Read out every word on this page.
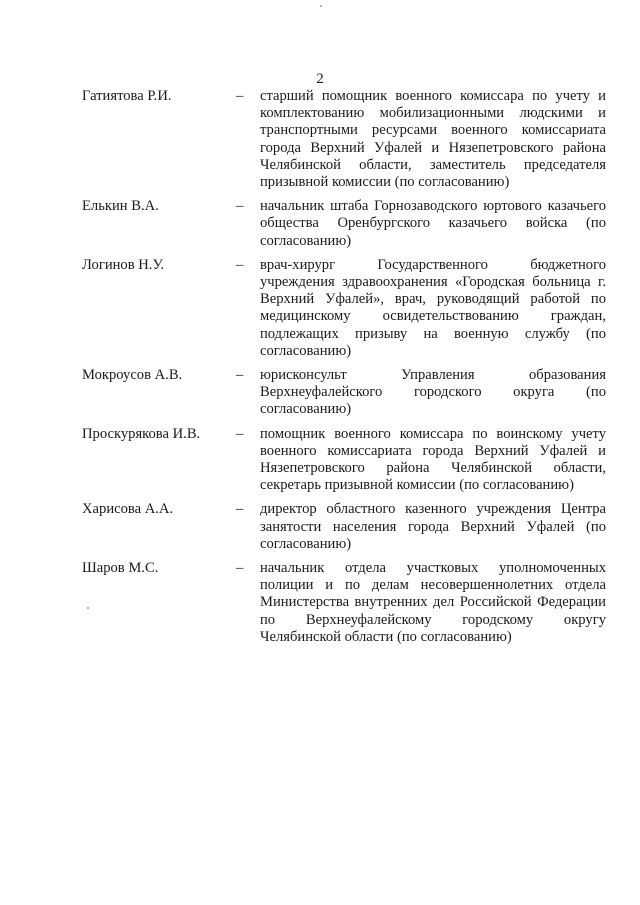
2
Гатиятова Р.И.	– старший помощник военного комиссара по учету и комплектованию мобилизационными людскими и транспортными ресурсами военного комиссариата города Верхний Уфалей и Нязепетровского района Челябинской области, заместитель председателя призывной комиссии (по согласованию)
Елькин В.А.	– начальник штаба Горнозаводского юртового казачьего общества Оренбургского казачьего войска (по согласованию)
Логинов Н.У.	– врач-хирург Государственного бюджетного учреждения здравоохранения «Городская больница г. Верхний Уфалей», врач, руководящий работой по медицинскому освидетельствованию граждан, подлежащих призыву на военную службу (по согласованию)
Мокроусов А.В.	– юрисконсульт Управления образования Верхнеуфалейского городского округа (по согласованию)
Проскурякова И.В. – помощник военного комиссара по воинскому учету военного комиссариата города Верхний Уфалей и Нязепетровского района Челябинской области, секретарь призывной комиссии (по согласованию)
Харисова А.А.	– директор областного казенного учреждения Центра занятости населения города Верхний Уфалей (по согласованию)
Шаров М.С.	– начальник отдела участковых уполномоченных полиции и по делам несовершеннолетних отдела Министерства внутренних дел Российской Федерации по Верхнеуфалейскому городскому округу Челябинской области (по согласованию)
